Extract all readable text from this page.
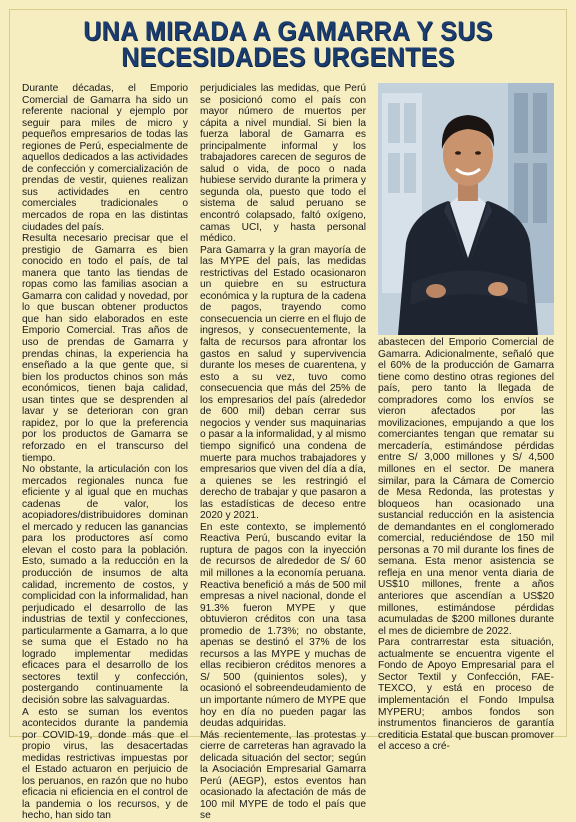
UNA MIRADA A GAMARRA Y SUS
NECESIDADES URGENTES

Durante décadas, el Emporio Comercial de Gamarra ha sido un referente nacional y ejemplo por seguir para miles de micro y pequeños empresarios de todas las regiones de Perú, especialmente de aquellos dedicados a las actividades de confección y comercialización de prendas de vestir, quienes realizan sus actividades en centro comerciales tradicionales o mercados de ropa en las distintas ciudades del país.

Resulta necesario precisar que el prestigio de Gamarra es bien conocido en todo el país, de tal manera que tanto las tiendas de ropas como las familias asocian a Gamarra con calidad y novedad, por lo que buscan obtener productos que han sido elaborados en este Emporio Comercial. Tras años de uso de prendas de Gamarra y prendas chinas, la experiencia ha enseñado a la que gente que, si bien los productos chinos son más económicos, tienen baja calidad, usan tintes que se desprenden al lavar y se deterioran con gran rapidez, por lo que la preferencia por los productos de Gamarra se reforzado en el transcurso del tiempo.

No obstante, la articulación con los mercados regionales nunca fue eficiente y al igual que en muchas cadenas de valor, los acopiadores/distribuidores dominan el mercado y reducen las ganancias para los productores así como elevan el costo para la población. Esto, sumado a la reducción en la producción de insumos de alta calidad, incremento de costos, y complicidad con la informalidad, han perjudicado el desarrollo de las industrias de textil y confecciones, particularmente a Gamarra, a lo que se suma que el Estado no ha logrado implementar medidas eficaces para el desarrollo de los sectores textil y confección, postergando continuamente la decisión sobre las salvaguardas.

A esto se suman los eventos acontecidos durante la pandemia por COVID-19, donde más que el propio virus, las desacertadas medidas restrictivas impuestas por el Estado actuaron en perjuicio de los peruanos, en razón que no hubo eficacia ni eficiencia en el control de la pandemia o los recursos, y de hecho, han sido tan

perjudiciales las medidas, que Perú se posicionó como el país con mayor número de muertos per cápita a nivel mundial. Si bien la fuerza laboral de Gamarra es principalmente informal y los trabajadores carecen de seguros de salud o vida, de poco o nada hubiese servido durante la primera y segunda ola, puesto que todo el sistema de salud peruano se encontró colapsado, faltó oxígeno, camas UCI, y hasta personal médico.

Para Gamarra y la gran mayoría de las MYPE del país, las medidas restrictivas del Estado ocasionaron un quiebre en su estructura económica y la ruptura de la cadena de pagos, trayendo como consecuencia un cierre en el flujo de ingresos, y consecuentemente, la falta de recursos para afrontar los gastos en salud y supervivencia durante los meses de cuarentena, y esto a su vez, tuvo como consecuencia que más del 25% de los empresarios del país (alrededor de 600 mil) deban cerrar sus negocios y vender sus maquinarias o pasar a la informalidad, y al mismo tiempo significó una condena de muerte para muchos trabajadores y empresarios que viven del día a día, a quienes se les restringió el derecho de trabajar y que pasaron a las estadísticas de deceso entre 2020 y 2021.

En este contexto, se implementó Reactiva Perú, buscando evitar la ruptura de pagos con la inyección de recursos de alrededor de S/ 60 mil millones a la economía peruana. Reactiva benefició a más de 500 mil empresas a nivel nacional, donde el 91.3% fueron MYPE y que obtuvieron créditos con una tasa promedio de 1.73%; no obstante, apenas se destinó el 37% de los recursos a las MYPE y muchas de ellas recibieron créditos menores a S/ 500 (quinientos soles), y ocasionó el sobreendeudamiento de un importante número de MYPE que hoy en día no pueden pagar las deudas adquiridas.

Más recientemente, las protestas y cierre de carreteras han agravado la delicada situación del sector; según la Asociación Empresarial Gamarra Perú (AEGP), estos eventos han ocasionado la afectación de más de 100 mil MYPE de todo el país que se

abastecen del Emporio Comercial de Gamarra. Adicionalmente, señaló que el 60% de la producción de Gamarra tiene como destino otras regiones del país, pero tanto la llegada de compradores como los envíos se vieron afectados por las movilizaciones, empujando a que los comerciantes tengan que rematar su mercadería, estimándose pérdidas entre S/ 3,000 millones y S/ 4,500 millones en el sector. De manera similar, para la Cámara de Comercio de Mesa Redonda, las protestas y bloqueos han ocasionado una sustancial reducción en la asistencia de demandantes en el conglomerado comercial, reduciéndose de 150 mil personas a 70 mil durante los fines de semana. Esta menor asistencia se refleja en una menor venta diaria de US$10 millones, frente a años anteriores que ascendían a US$20 millones, estimándose pérdidas acumuladas de $200 millones durante el mes de diciembre de 2022.

Para contrarrestar esta situación, actualmente se encuentra vigente el Fondo de Apoyo Empresarial para el Sector Textil y Confección, FAE-TEXCO, y está en proceso de implementación el Fondo Impulsa MYPERU; ambos fondos son instrumentos financieros de garantía crediticia Estatal que buscan promover el acceso a cré-
